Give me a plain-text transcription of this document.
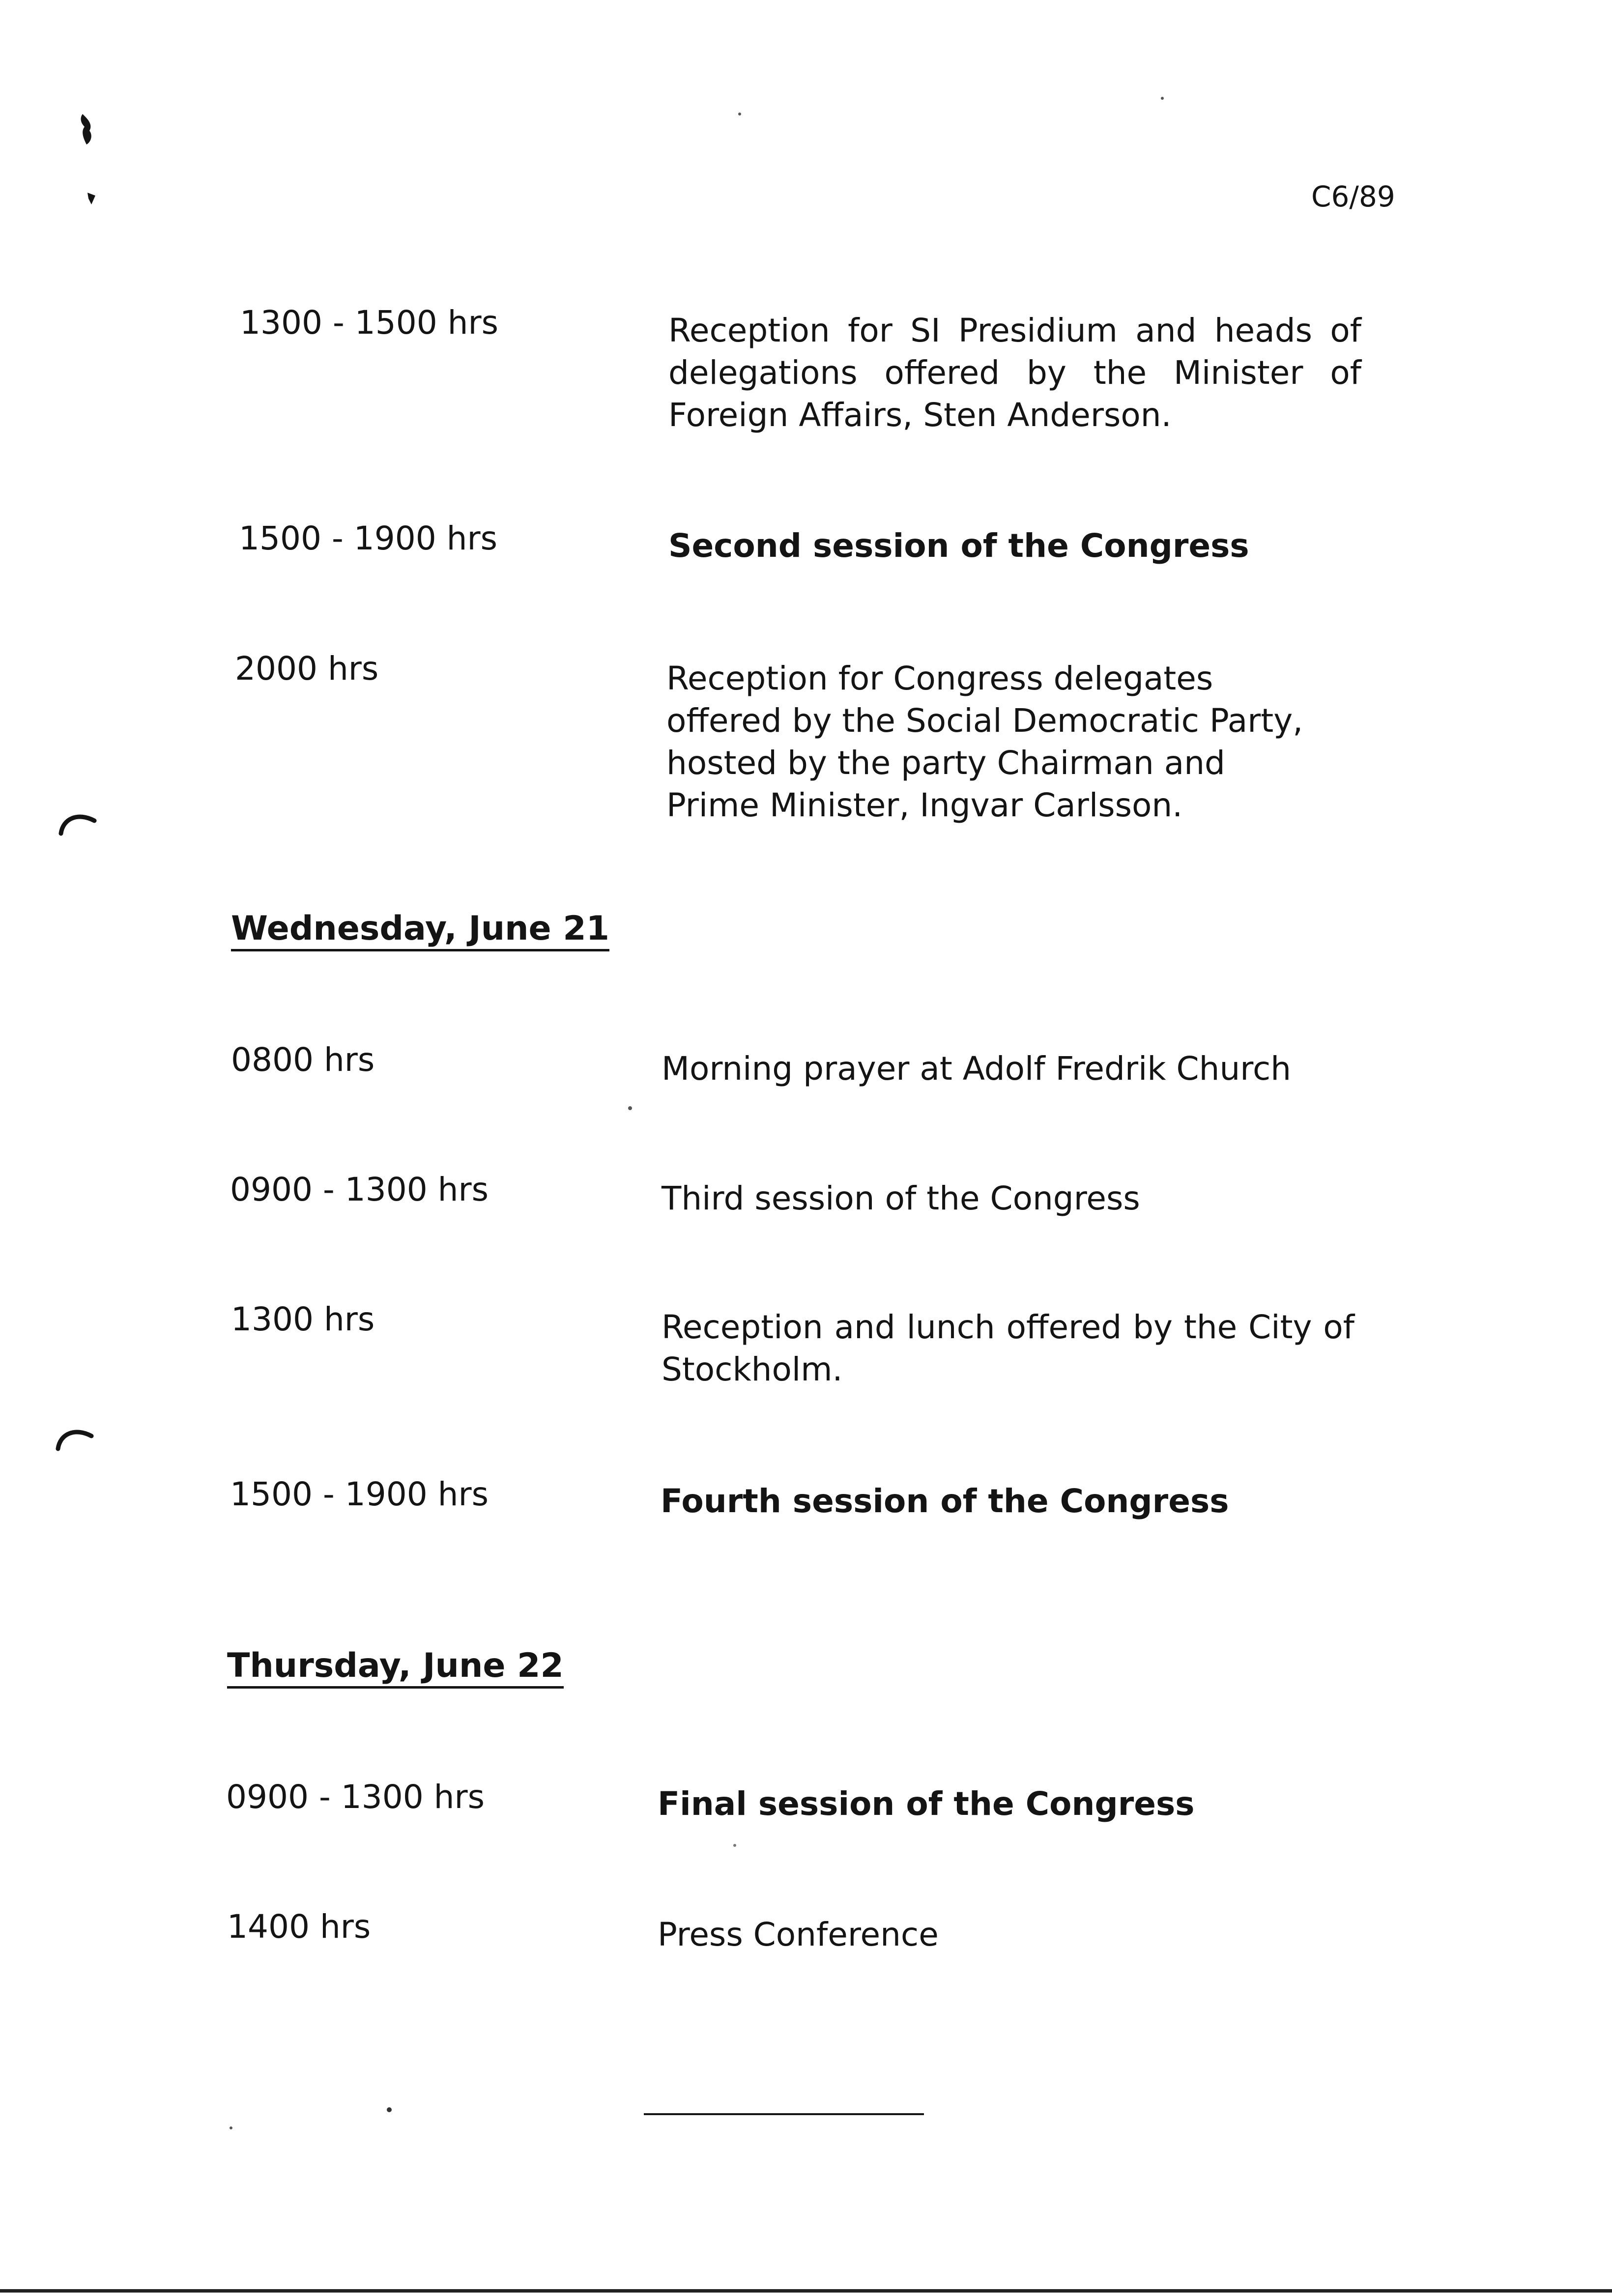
C6/89
1300 - 1500 hrs	Reception for SI Presidium and heads of delegations offered by the Minister of Foreign Affairs, Sten Anderson.
1500 - 1900 hrs	Second session of the Congress
2000 hrs	Reception for Congress delegates offered by the Social Democratic Party, hosted by the party Chairman and Prime Minister, Ingvar Carlsson.
Wednesday, June 21
0800 hrs	Morning prayer at Adolf Fredrik Church
0900 - 1300 hrs	Third session of the Congress
1300 hrs	Reception and lunch offered by the City of Stockholm.
1500 - 1900 hrs	Fourth session of the Congress
Thursday, June 22
0900 - 1300 hrs	Final session of the Congress
1400 hrs	Press Conference
